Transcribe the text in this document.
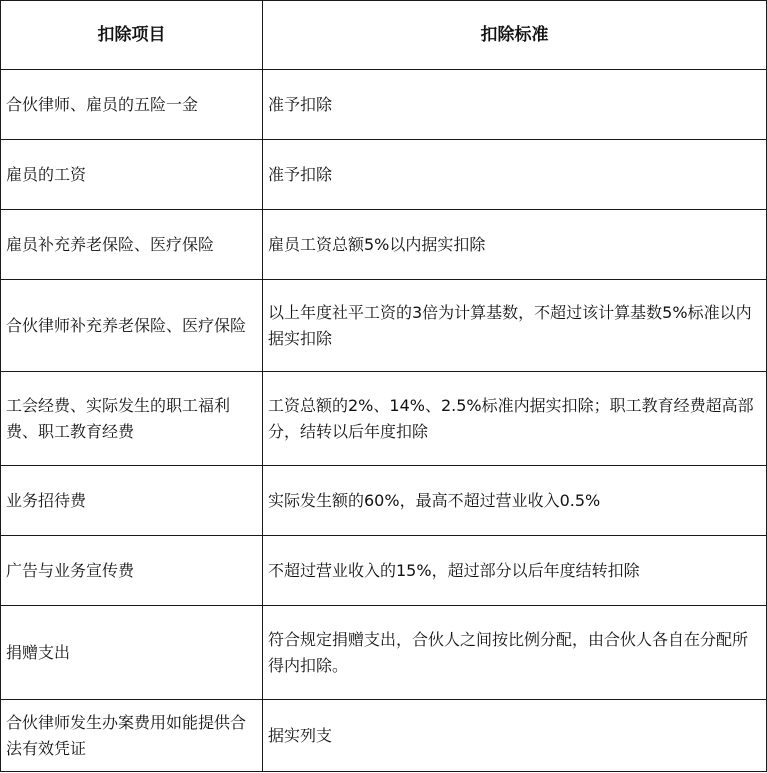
扣除项目	扣除标准
合伙律师、雇员的五险一金	准予扣除
雇员的工资	准予扣除
雇员补充养老保险、医疗保险	雇员工资总额5%以内据实扣除
合伙律师补充养老保险、医疗保险	以上年度社平工资的3倍为计算基数，不超过该计算基数5%标准以内据实扣除
工会经费、实际发生的职工福利费、职工教育经费	工资总额的2%、14%、2.5%标准内据实扣除；职工教育经费超高部分，结转以后年度扣除
业务招待费	实际发生额的60%，最高不超过营业收入0.5%
广告与业务宣传费	不超过营业收入的15%，超过部分以后年度结转扣除
捐赠支出	符合规定捐赠支出，合伙人之间按比例分配，由合伙人各自在分配所得内扣除。
合伙律师发生办案费用如能提供合法有效凭证	据实列支
